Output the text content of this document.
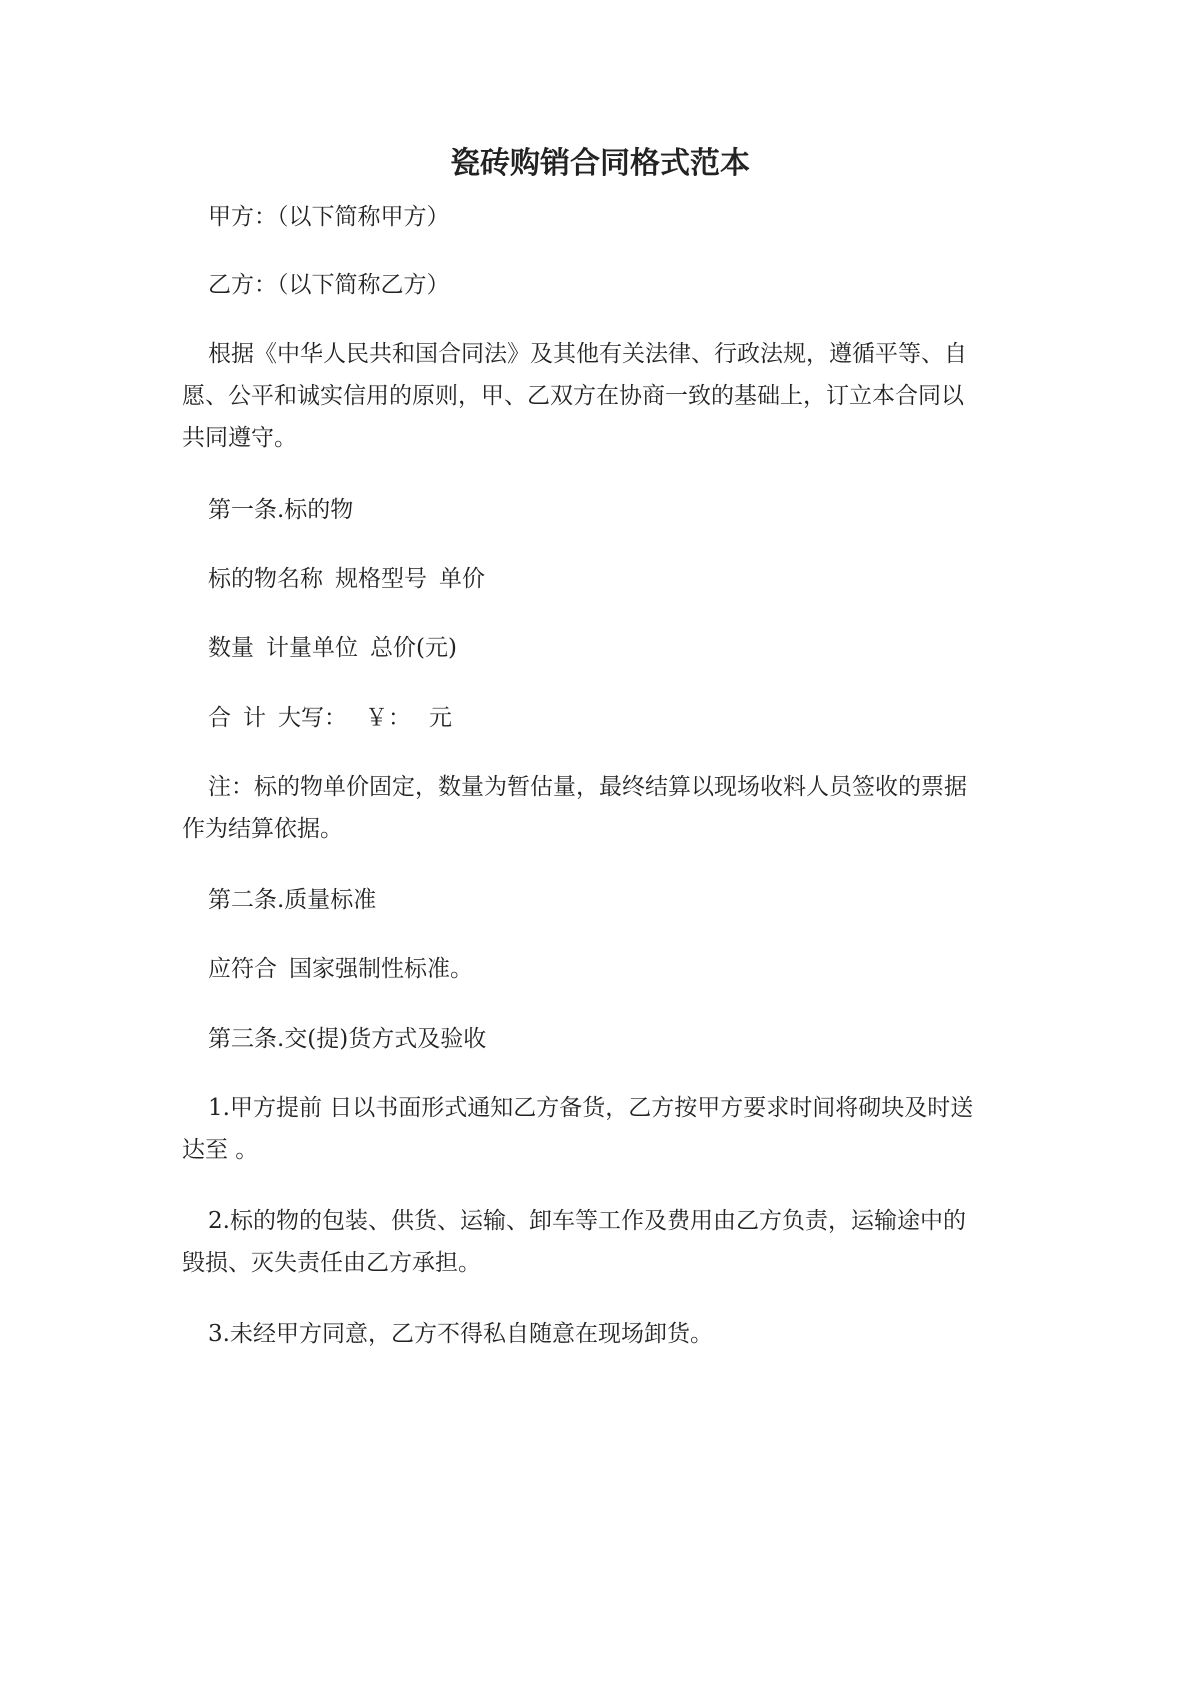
瓷砖购销合同格式范本

甲方：（以下简称甲方）

乙方：（以下简称乙方）

根据《中华人民共和国合同法》及其他有关法律、行政法规，遵循平等、自
愿、公平和诚实信用的原则，甲、乙双方在协商一致的基础上，订立本合同以
共同遵守。

第一条.标的物

标的物名称 规格型号 单价

数量 计量单位 总价(元)

合 计 大写： ￥： 元

注：标的物单价固定，数量为暂估量，最终结算以现场收料人员签收的票据
作为结算依据。

第二条.质量标准

应符合 国家强制性标准。

第三条.交(提)货方式及验收

1.甲方提前 日以书面形式通知乙方备货，乙方按甲方要求时间将砌块及时送
达至 。

2.标的物的包装、供货、运输、卸车等工作及费用由乙方负责，运输途中的
毁损、灭失责任由乙方承担。

3.未经甲方同意，乙方不得私自随意在现场卸货。
